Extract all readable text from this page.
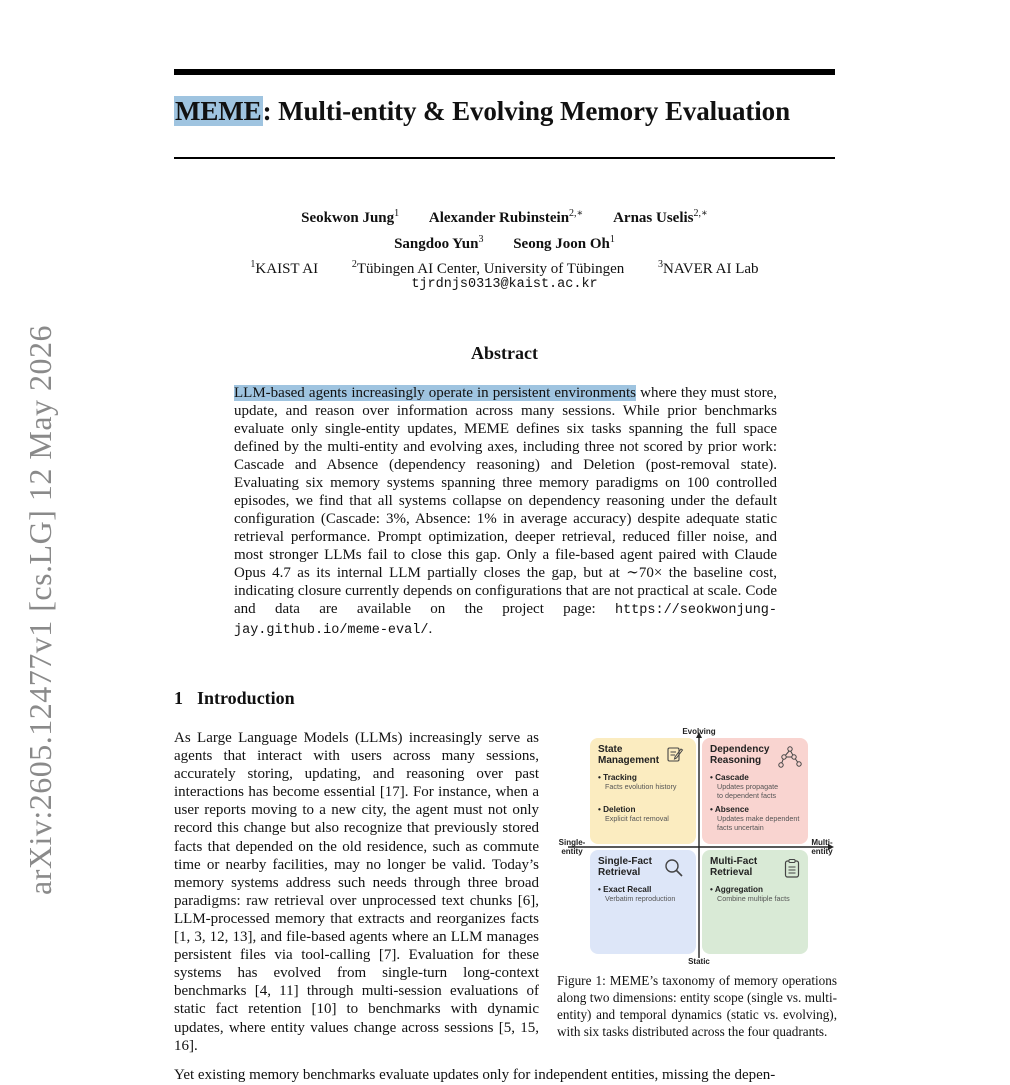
MEME: Multi-entity & Evolving Memory Evaluation
Seokwon Jung$^1$ Alexander Rubinstein$^{2,∗}$ Arnas Uselis$^{2,∗}$
Sangdoo Yun$^3$ Seong Joon Oh$^1$
$^1$KAIST AI	$^2$Tübingen AI Center, University of Tübingen	$^3$NAVER AI Lab
tjrdnjs0313@kaist.ac.kr
arXiv:2605.12477v1 [cs.LG] 12 May 2026	Abstract
LLM-based agents increasingly operate in persistent environments where they must store, update, and reason over information across many sessions. While prior benchmarks evaluate only single-entity updates, MEME defines six tasks spanning the full space defined by the multi-entity and evolving axes, including three not scored by prior work: Cascade and Absence (dependency reasoning) and Deletion (post-removal state). Evaluating six memory systems spanning three memory paradigms on 100 controlled episodes, we find that all systems collapse on dependency reasoning under the default configuration (Cascade: 3%, Absence: 1% in average accuracy) despite adequate static retrieval performance. Prompt optimization, deeper retrieval, reduced filler noise, and most stronger LLMs fail to close this gap. Only a file-based agent paired with Claude Opus 4.7 as its internal LLM partially closes the gap, but at ∼70× the baseline cost, indicating closure currently depends on configurations that are not practical at scale. Code and data are available on the project page: https://seokwonjung-jay.github.io/meme-eval/.
1 Introduction
As Large Language Models (LLMs) increasingly serve as agents that interact with users across many sessions, accurately storing, updating, and reasoning over past interactions has become essential [17]. For instance, when a user reports moving to a new city, the agent must not only record this change but also recognize that previously stored facts that depended on the old residence, such as commute time or nearby facilities, may no longer be valid. Today’s memory systems address such needs through three broad paradigms: raw retrieval over unprocessed text chunks [6], LLM-processed memory that extracts and reorganizes facts [1, 3, 12, 13], and file-based agents where an LLM manages persistent files via tool-calling [7]. Evaluation for these systems has evolved from single-turn long-context benchmarks [4, 11] through multi-session evaluations of static fact retention [10] to benchmarks with dynamic updates, where entity values change across sessions [5, 15, 16].
Yet existing memory benchmarks evaluate updates only for independent entities, missing the depen-
State
Management
• Tracking
Facts evolution history
• Deletion
Explicit fact removal
Dependency
Reasoning
• Cascade
Updates propagate
to dependent facts
• Absence
Updates make dependent
facts uncertain
Single-Fact
Retrieval
• Exact Recall
Verbatim reproduction
Multi-Fact
Retrieval
• Aggregation
Combine multiple facts
Evolving
Static
Single-
entity
Multi-
entity
Figure 1: MEME’s taxonomy of memory operations along two dimensions: entity scope (single vs. multi-entity) and temporal dynamics (static vs. evolving), with six tasks distributed across the four quadrants.
